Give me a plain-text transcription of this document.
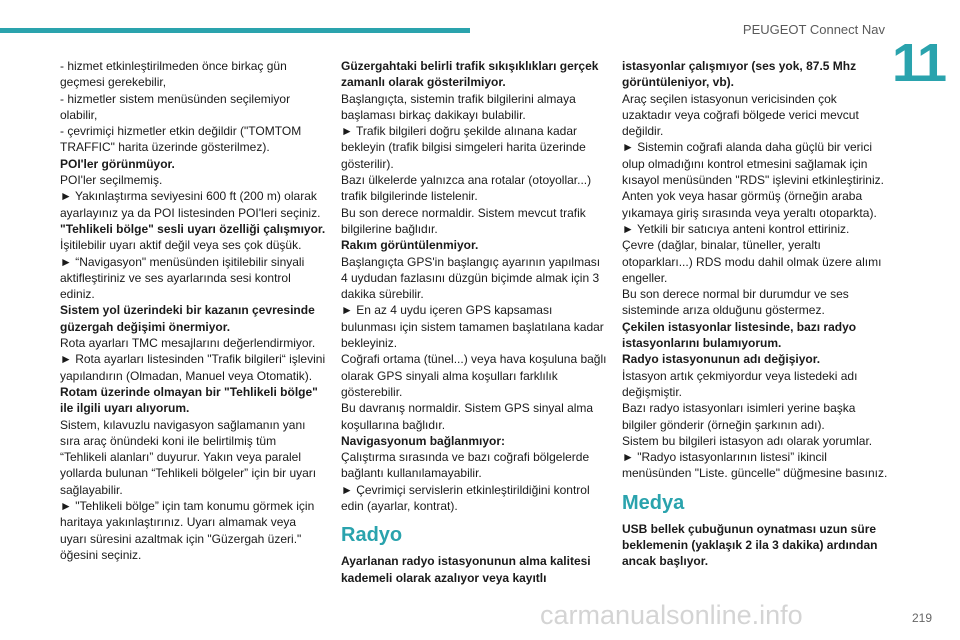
PEUGEOT Connect Nav
11

- hizmet etkinleştirilmeden önce birkaç gün geçmesi gerekebilir,

- hizmetler sistem menüsünden seçilemiyor olabilir,

- çevrimiçi hizmetler etkin değildir ("TOMTOM TRAFFIC" harita üzerinde gösterilmez).

POI'ler görünmüyor.

POI'ler seçilmemiş.

► Yakınlaştırma seviyesini 600 ft (200 m) olarak ayarlayınız ya da POI listesinden POI'leri seçiniz.

"Tehlikeli bölge" sesli uyarı özelliği çalışmıyor.

İşitilebilir uyarı aktif değil veya ses çok düşük.

► “Navigasyon" menüsünden işitilebilir sinyali aktifleştiriniz ve ses ayarlarında sesi kontrol ediniz.

Sistem yol üzerindeki bir kazanın çevresinde güzergah değişimi önermiyor.

Rota ayarları TMC mesajlarını değerlendirmiyor.

► Rota ayarları listesinden "Trafik bilgileri“ işlevini yapılandırın (Olmadan, Manuel veya Otomatik).

Rotam üzerinde olmayan bir "Tehlikeli bölge" ile ilgili uyarı alıyorum.

Sistem, kılavuzlu navigasyon sağlamanın yanı sıra araç önündeki koni ile belirtilmiş tüm “Tehlikeli alanları” duyurur. Yakın veya paralel yollarda bulunan “Tehlikeli bölgeler” için bir uyarı sağlayabilir.

► "Tehlikeli bölge” için tam konumu görmek için haritaya yakınlaştırınız. Uyarı almamak veya uyarı süresini azaltmak için "Güzergah üzeri." öğesini seçiniz.

Güzergahtaki belirli trafik sıkışıklıkları gerçek zamanlı olarak gösterilmiyor.

Başlangıçta, sistemin trafik bilgilerini almaya başlaması birkaç dakikayı bulabilir.

► Trafik bilgileri doğru şekilde alınana kadar bekleyin (trafik bilgisi simgeleri harita üzerinde gösterilir).

Bazı ülkelerde yalnızca ana rotalar (otoyollar...) trafik bilgilerinde listelenir.

Bu son derece normaldir. Sistem mevcut trafik bilgilerine bağlıdır.

Rakım görüntülenmiyor.

Başlangıçta GPS'in başlangıç ayarının yapılması 4 uydudan fazlasını düzgün biçimde almak için 3 dakika sürebilir.

► En az 4 uydu içeren GPS kapsaması bulunması için sistem tamamen başlatılana kadar bekleyiniz.

Coğrafi ortama (tünel...) veya hava koşuluna bağlı olarak GPS sinyali alma koşulları farklılık gösterebilir.

Bu davranış normaldir. Sistem GPS sinyal alma koşullarına bağlıdır.

Navigasyonum bağlanmıyor:

Çalıştırma sırasında ve bazı coğrafi bölgelerde bağlantı kullanılamayabilir.

► Çevrimiçi servislerin etkinleştirildiğini kontrol edin (ayarlar, kontrat).

Radyo

Ayarlanan radyo istasyonunun alma kalitesi kademeli olarak azalıyor veya kayıtlı

istasyonlar çalışmıyor (ses yok, 87.5 Mhz görüntüleniyor, vb).

Araç seçilen istasyonun vericisinden çok uzaktadır veya coğrafi bölgede verici mevcut değildir.

► Sistemin coğrafi alanda daha güçlü bir verici olup olmadığını kontrol etmesini sağlamak için kısayol menüsünden "RDS" işlevini etkinleştiriniz.

Anten yok veya hasar görmüş (örneğin araba yıkamaya giriş sırasında veya yeraltı otoparkta).

► Yetkili bir satıcıya anteni kontrol ettiriniz.

Çevre (dağlar, binalar, tüneller, yeraltı otoparkları...) RDS modu dahil olmak üzere alımı engeller.

Bu son derece normal bir durumdur ve ses sisteminde arıza olduğunu göstermez.

Çekilen istasyonlar listesinde, bazı radyo istasyonlarını bulamıyorum.

Radyo istasyonunun adı değişiyor.

İstasyon artık çekmiyordur veya listedeki adı değişmiştir.

Bazı radyo istasyonları isimleri yerine başka bilgiler gönderir (örneğin şarkının adı).

Sistem bu bilgileri istasyon adı olarak yorumlar.

► "Radyo istasyonlarının listesi” ikincil menüsünden "Liste. güncelle" düğmesine basınız.

Medya

USB bellek çubuğunun oynatması uzun süre beklemenin (yaklaşık 2 ila 3 dakika) ardından ancak başlıyor.

carmanualsonline.info	219
